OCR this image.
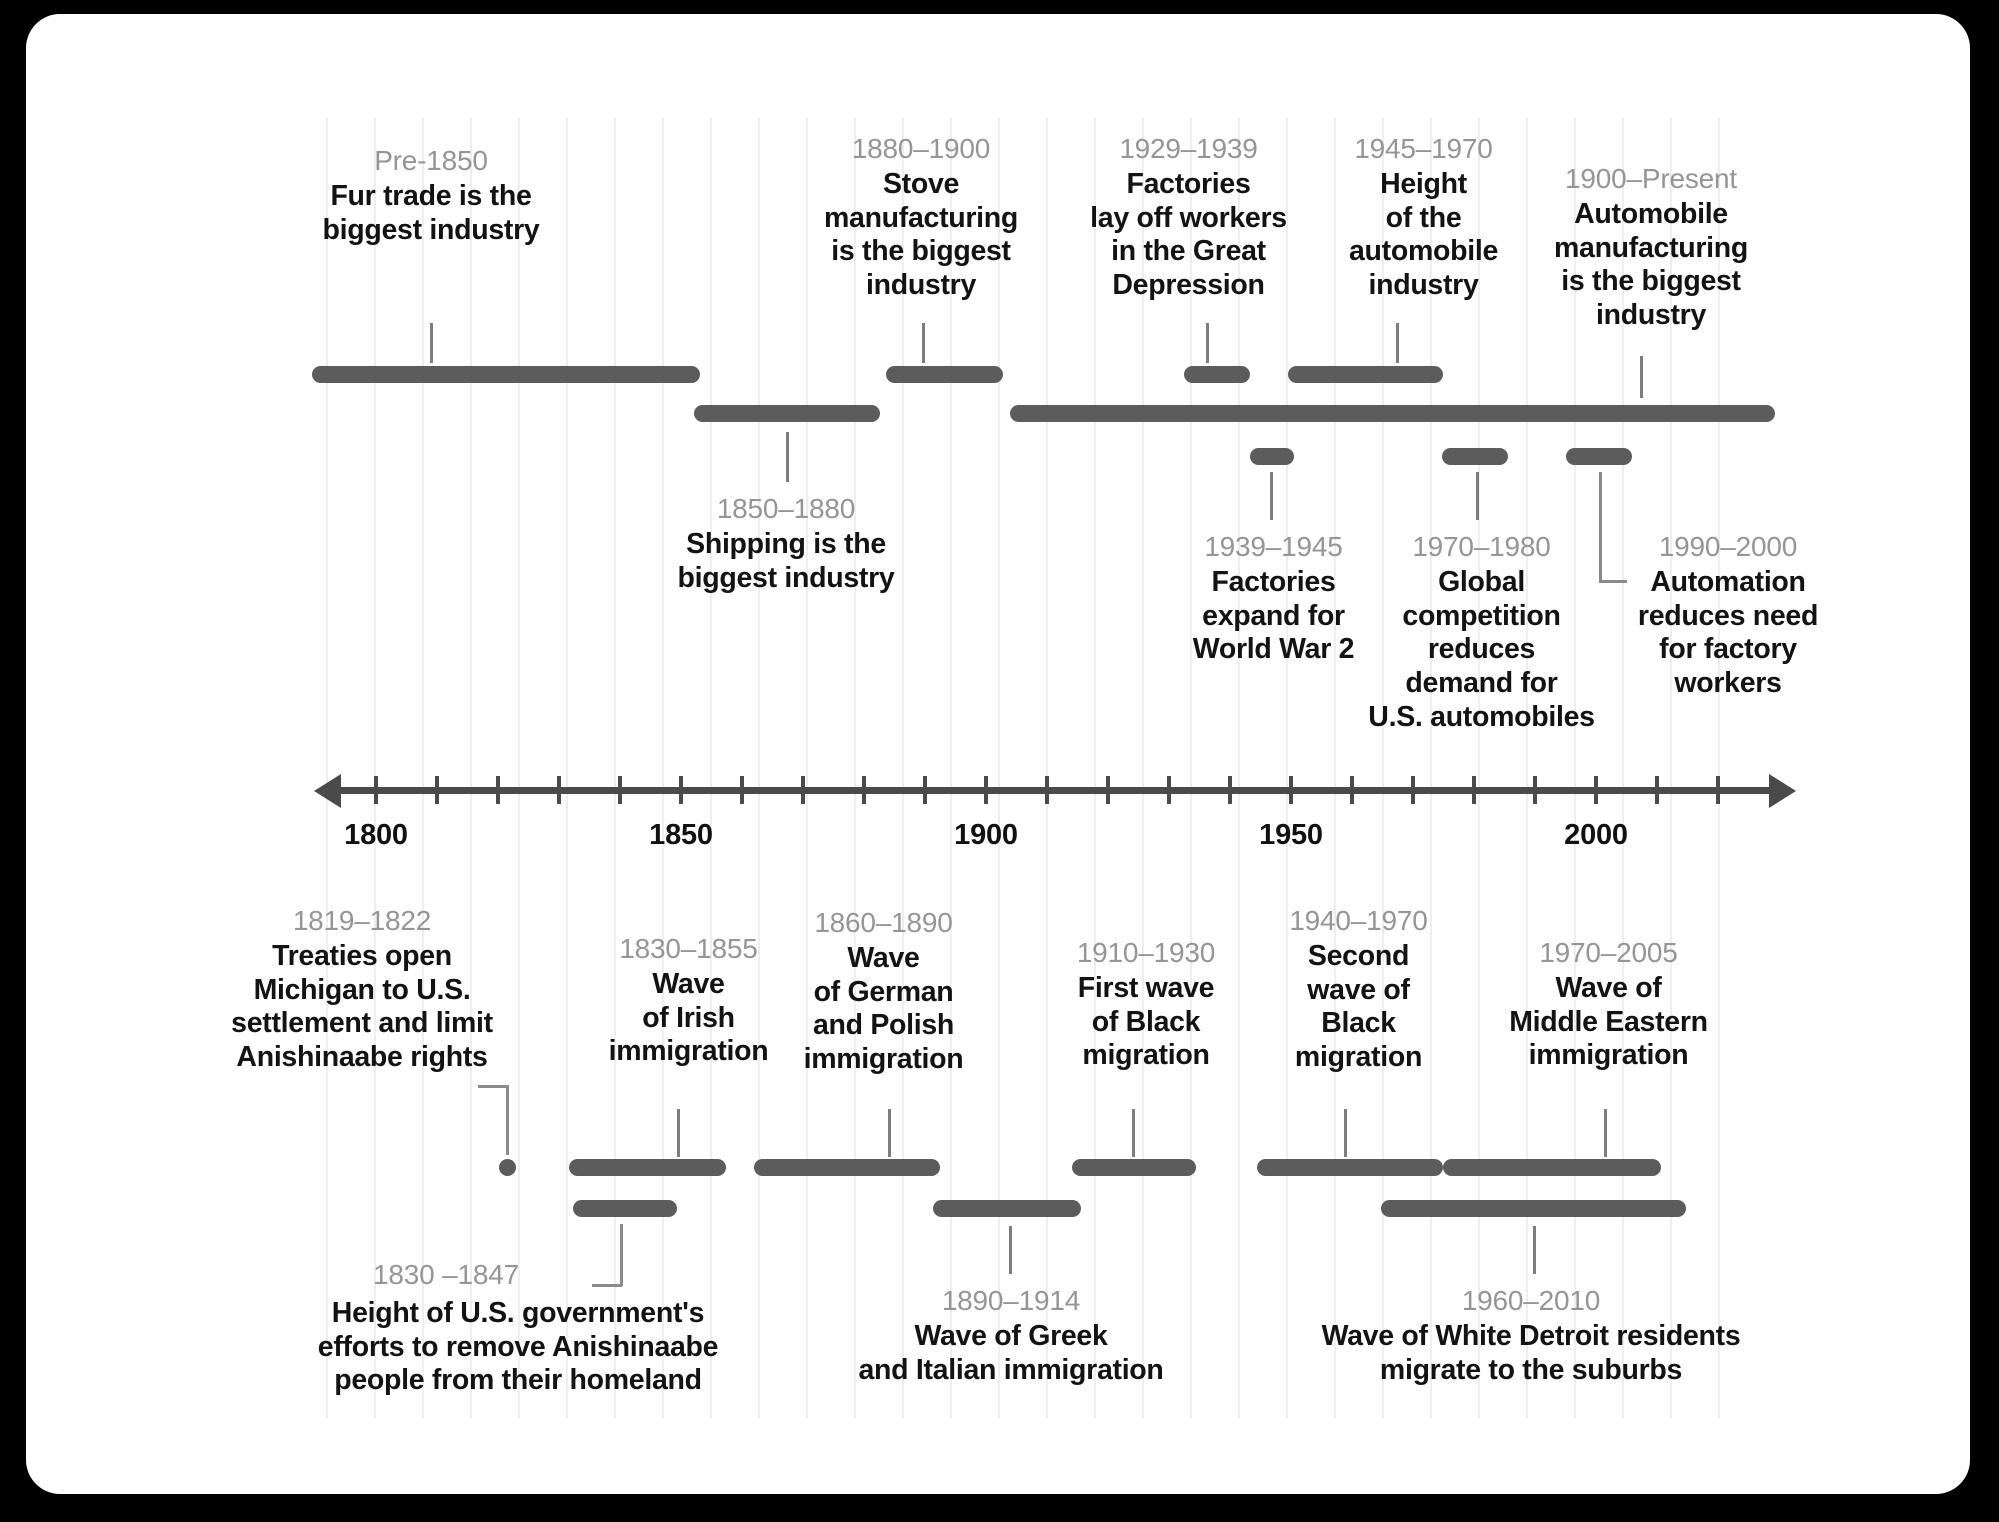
Pre-1850
Fur trade is the
biggest industry
1880–1900
Stove
manufacturing
is the biggest
industry
1929–1939
Factories
lay off workers
in the Great
Depression
1945–1970
Height
of the
automobile
industry
1900–Present
Automobile
manufacturing
is the biggest
industry
1850–1880
Shipping is the
biggest industry
1939–1945
Factories
expand for
World War 2
1970–1980
Global
competition
reduces
demand for
U.S. automobiles
1990–2000
Automation
reduces need
for factory
workers
1800	1850	1900	1950	2000
1819–1822
Treaties open
Michigan to U.S.
settlement and limit
Anishinaabe rights
1830–1855
Wave
of Irish
immigration
1860–1890
Wave
of German
and Polish
immigration
1910–1930
First wave
of Black
migration
1940–1970
Second
wave of
Black
migration
1970–2005
Wave of
Middle Eastern
immigration
1830 –1847
Height of U.S. government's
efforts to remove Anishinaabe
people from their homeland
1890–1914
Wave of Greek
and Italian immigration
1960–2010
Wave of White Detroit residents
migrate to the suburbs
